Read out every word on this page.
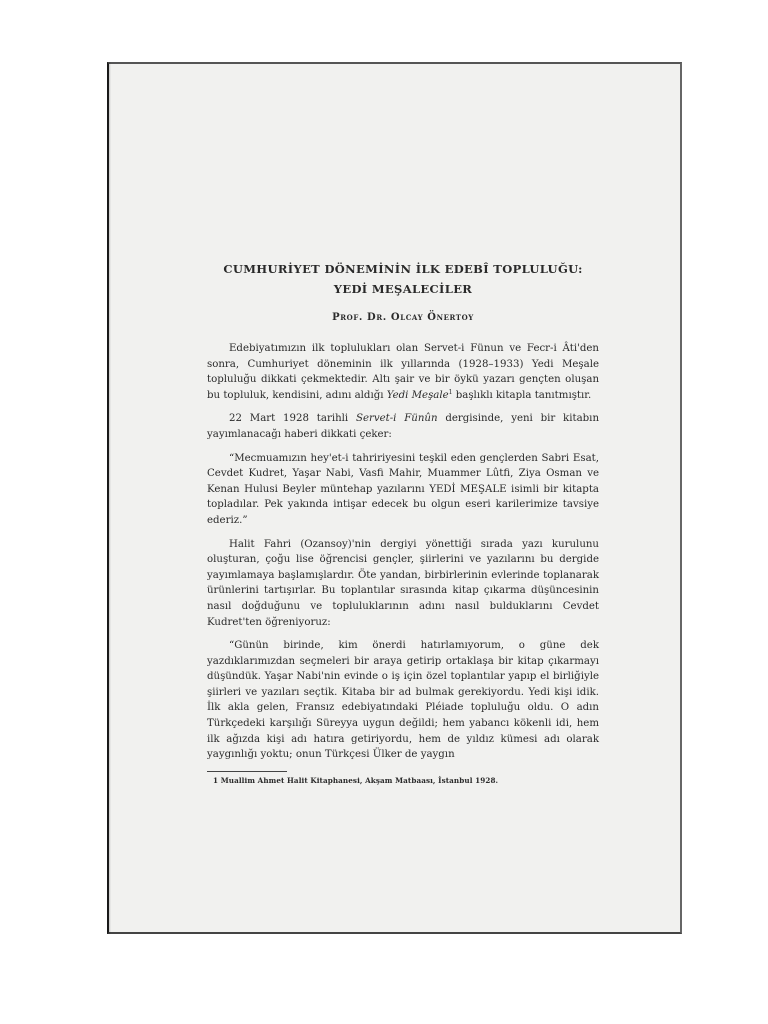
CUMHURİYET DÖNEMİNİN İLK EDEBÎ TOPLULUĞU:
YEDİ MEŞALECİLER

Prof. Dr. Olcay Önertoy

Edebiyatımızın ilk toplulukları olan Servet-i Fünun ve Fecr-i Âti'den sonra, Cumhuriyet döneminin ilk yıllarında (1928–1933) Yedi Meşale topluluğu dikkati çekmektedir. Altı şair ve bir öykü yazarı gençten oluşan bu topluluk, kendisini, adını aldığı Yedi Meşale$^1$ başlıklı kitapla tanıtmıştır.

22 Mart 1928 tarihli Servet-i Fünûn dergisinde, yeni bir kitabın yayımlanacağı haberi dikkati çeker:

“Mecmuamızın hey'et-i tahririyesini teşkil eden gençlerden Sabri Esat, Cevdet Kudret, Yaşar Nabi, Vasfi Mahir, Muammer Lûtfi, Ziya Osman ve Kenan Hulusi Beyler müntehap yazılarını YEDİ MEŞALE isimli bir kitapta topladılar. Pek yakında intişar edecek bu olgun eseri karilerimize tavsiye ederiz.”

Halit Fahri (Ozansoy)'nin dergiyi yönettiği sırada yazı kurulunu oluşturan, çoğu lise öğrencisi gençler, şiirlerini ve yazılarını bu dergide yayımlamaya başlamışlardır. Öte yandan, birbirlerinin evlerinde toplanarak ürünlerini tartışırlar. Bu toplantılar sırasında kitap çıkarma düşüncesinin nasıl doğduğunu ve topluluklarının adını nasıl bulduklarını Cevdet Kudret'ten öğreniyoruz:

“Günün birinde, kim önerdi hatırlamıyorum, o güne dek yazdıklarımızdan seçmeleri bir araya getirip ortaklaşa bir kitap çıkarmayı düşündük. Yaşar Nabi'nin evinde o iş için özel toplantılar yapıp el birliğiyle şiirleri ve yazıları seçtik. Kitaba bir ad bulmak gerekiyordu. Yedi kişi idik. İlk akla gelen, Fransız edebiyatındaki Pléiade topluluğu oldu. O adın Türkçedeki karşılığı Süreyya uygun değildi; hem yabancı kökenli idi, hem ilk ağızda kişi adı hatıra getiriyordu, hem de yıldız kümesi adı olarak yaygınlığı yoktu; onun Türkçesi Ülker de yaygın

1 Muallim Ahmet Halit Kitaphanesi, Akşam Matbaası, İstanbul 1928.
